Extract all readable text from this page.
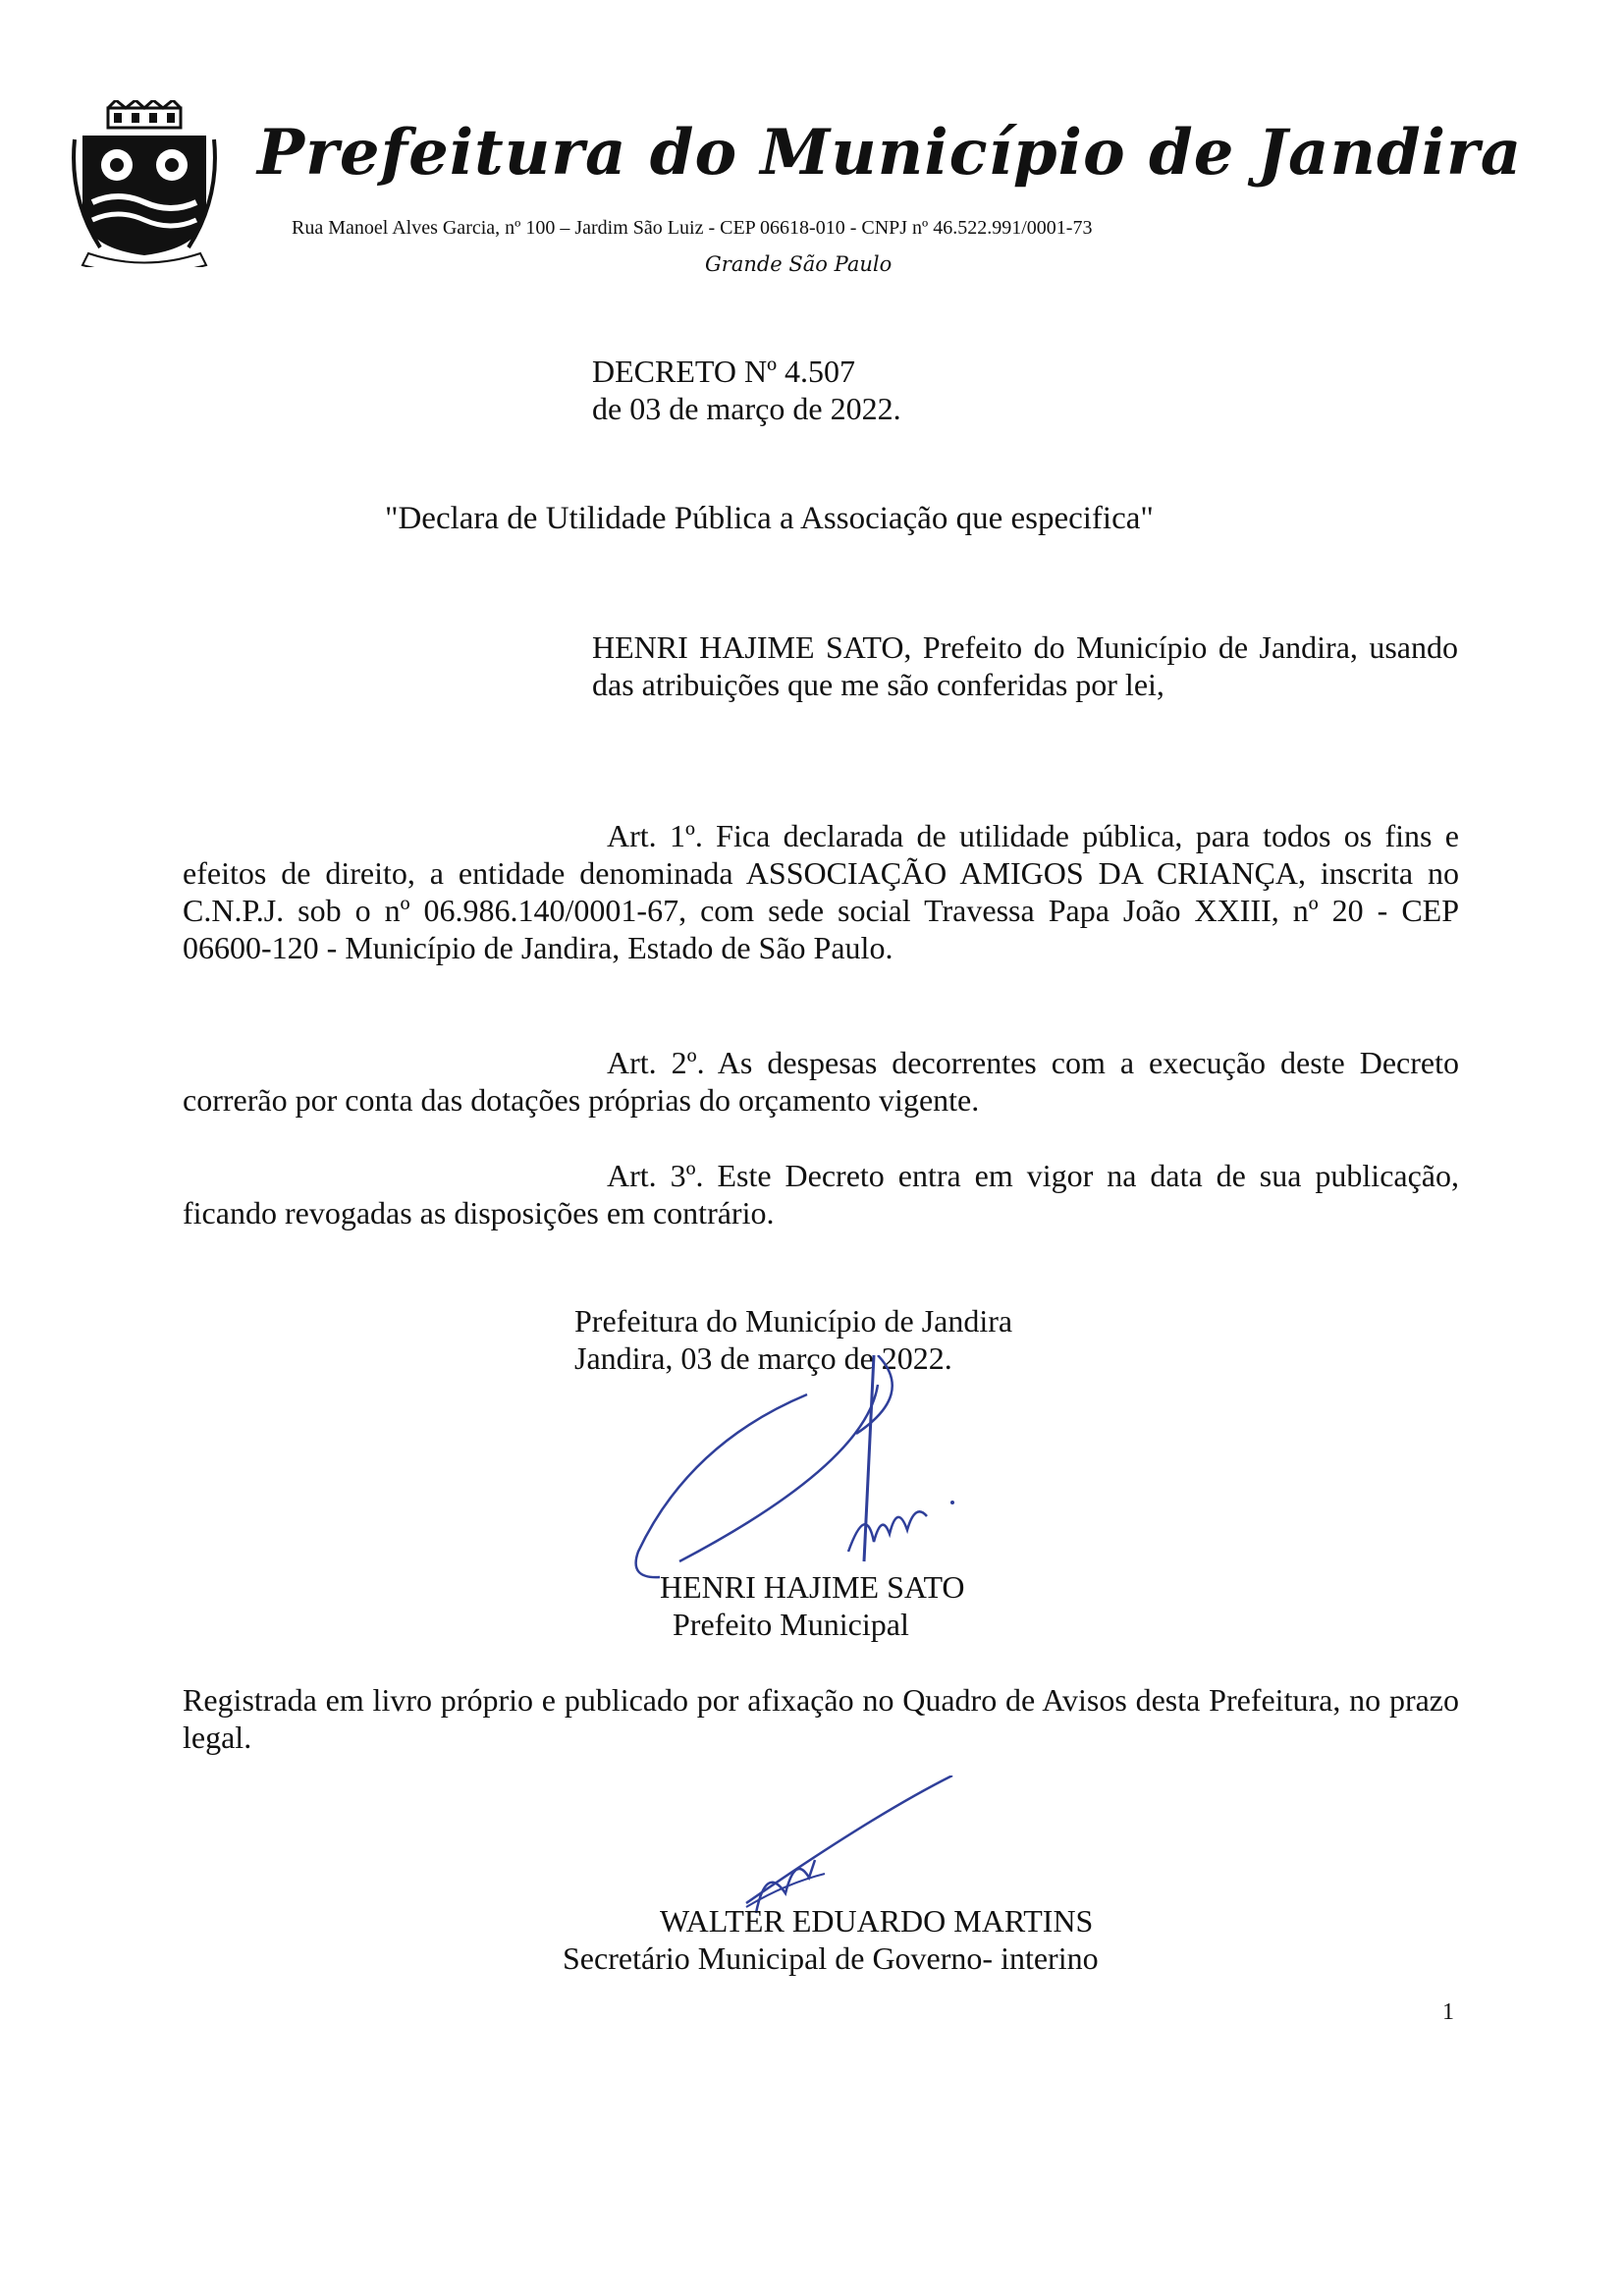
Prefeitura do Município de Jandira
Rua Manoel Alves Garcia, nº 100 – Jardim São Luiz - CEP 06618-010 - CNPJ nº 46.522.991/0001-73
Grande São Paulo
DECRETO Nº 4.507
de 03 de março de 2022.
"Declara de Utilidade Pública a Associação que especifica"
HENRI HAJIME SATO, Prefeito do Município de Jandira, usando das atribuições que me são conferidas por lei,
Art. 1º. Fica declarada de utilidade pública, para todos os fins e efeitos de direito, a entidade denominada ASSOCIAÇÃO AMIGOS DA CRIANÇA, inscrita no C.N.P.J. sob o nº 06.986.140/0001-67, com sede social Travessa Papa João XXIII, nº 20 - CEP 06600-120 - Município de Jandira, Estado de São Paulo.
Art. 2º. As despesas decorrentes com a execução deste Decreto correrão por conta das dotações próprias do orçamento vigente.
Art. 3º. Este Decreto entra em vigor na data de sua publicação, ficando revogadas as disposições em contrário.
Prefeitura do Município de Jandira
Jandira, 03 de março de 2022.
HENRI HAJIME SATO
Prefeito Municipal
Registrada em livro próprio e publicado por afixação no Quadro de Avisos desta Prefeitura, no prazo legal.
WALTER EDUARDO MARTINS
Secretário Municipal de Governo- interino
1
